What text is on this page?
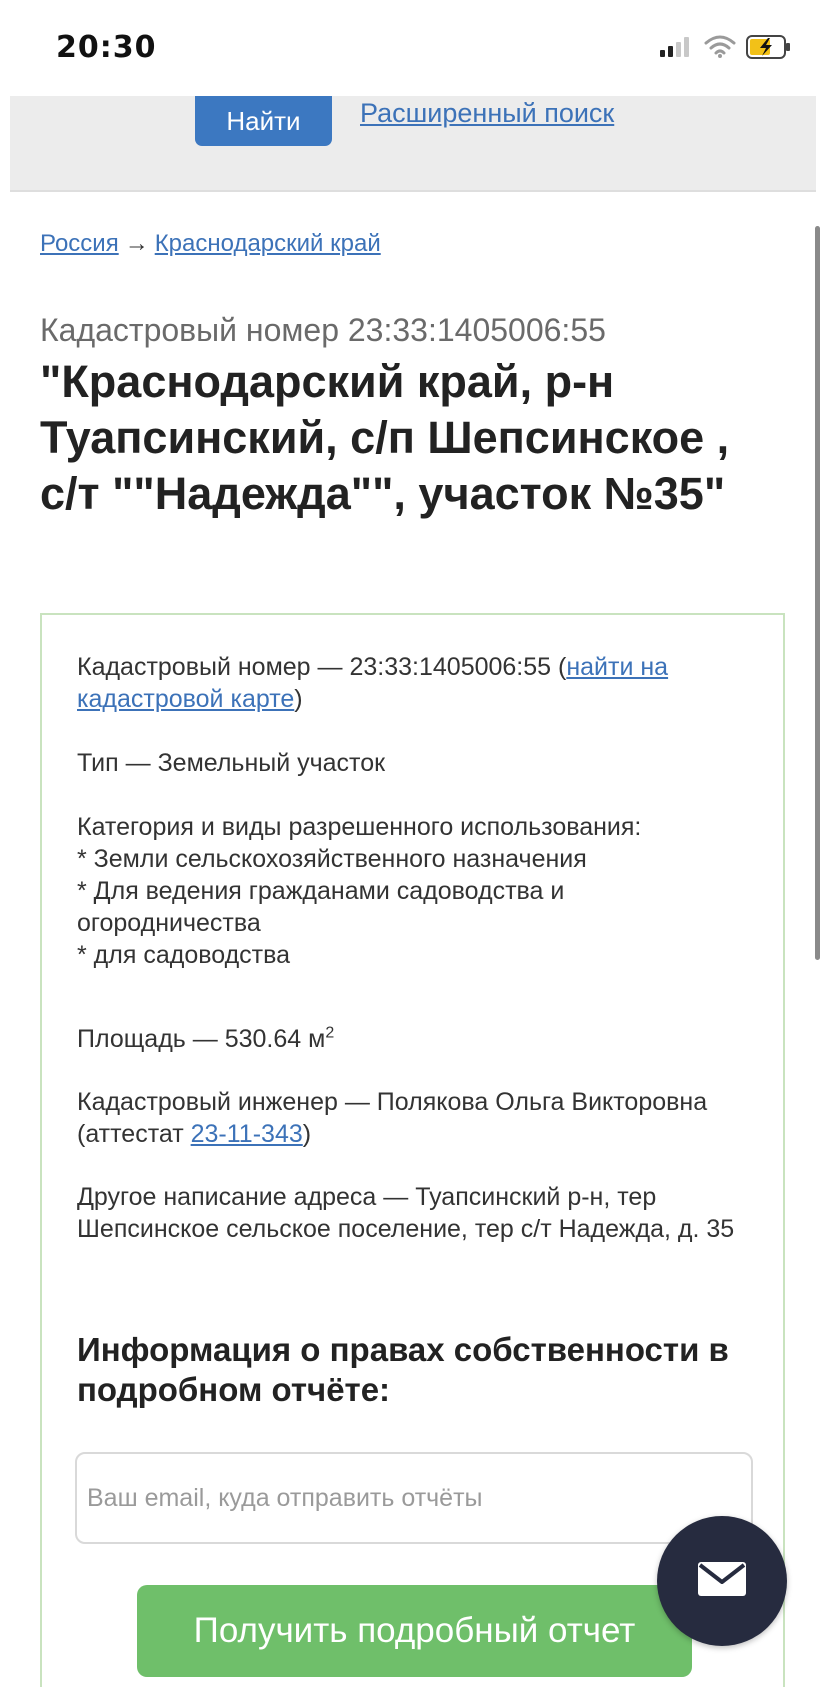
20:30
Найти	Расширенный поиск
Россия → Краснодарский край
Кадастровый номер 23:33:1405006:55
"Краснодарский край, р-н Туапсинский, с/п Шепсинское , с/т ""Надежда"", участок №35"
Кадастровый номер — 23:33:1405006:55 (найти на кадастровой карте)
Тип — Земельный участок
Категория и виды разрешенного использования:
* Земли сельскохозяйственного назначения
* Для ведения гражданами садоводства и огородничества
* для садоводства
Площадь — 530.64 $м^2$
Кадастровый инженер — Полякова Ольга Викторовна (аттестат 23-11-343)
Другое написание адреса — Туапсинский р-н, тер Шепсинское сельское поселение, тер с/т Надежда, д. 35
Информация о правах собственности в подробном отчёте:
Ваш email, куда отправить отчёты
Получить подробный отчет
